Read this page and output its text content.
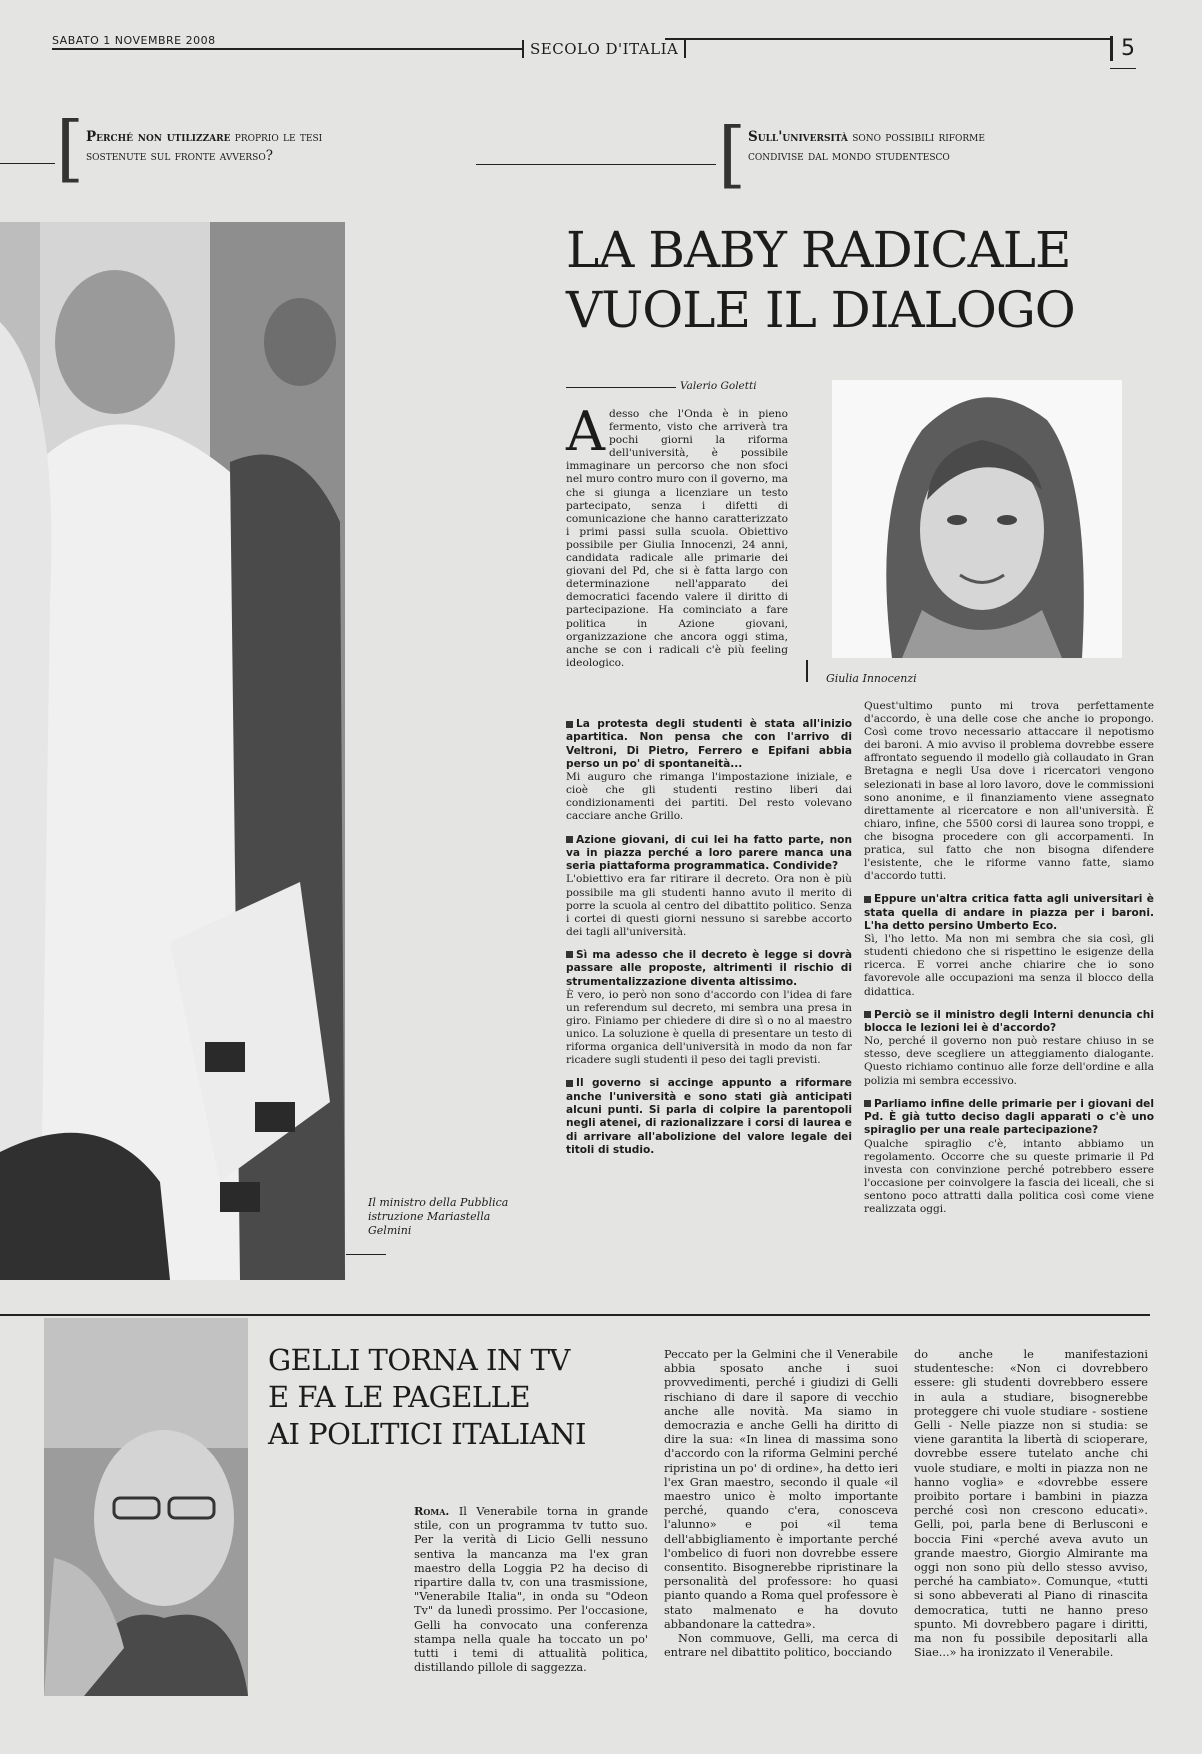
SABATO 1 NOVEMBRE 2008	SECOLO D'ITALIA	5
[ Perché non utilizzare proprio le tesi
sostenute sul fronte avverso?	[ Sull'università sono possibili riforme
condivise dal mondo studentesco
Il ministro della Pubblica istruzione Mariastella Gelmini
LA BABY RADICALE
VUOLE IL DIALOGO
Valerio Goletti
Giulia Innocenzi
Adesso che l'Onda è in pieno fermento, visto che arriverà tra pochi giorni la riforma dell'università, è possibile immaginare un percorso che non sfoci nel muro contro muro con il governo, ma che si giunga a licenziare un testo partecipato, senza i difetti di comunicazione che hanno caratterizzato i primi passi sulla scuola. Obiettivo possibile per Giulia Innocenzi, 24 anni, candidata radicale alle primarie dei giovani del Pd, che si è fatta largo con determinazione nell'apparato dei democratici facendo valere il diritto di partecipazione. Ha cominciato a fare politica in Azione giovani, organizzazione che ancora oggi stima, anche se con i radicali c'è più feeling ideologico.
La protesta degli studenti è stata all'inizio apartitica. Non pensa che con l'arrivo di Veltroni, Di Pietro, Ferrero e Epifani abbia perso un po' di spontaneità...
Mi auguro che rimanga l'impostazione iniziale, e cioè che gli studenti restino liberi dai condizionamenti dei partiti. Del resto volevano cacciare anche Grillo.
Azione giovani, di cui lei ha fatto parte, non va in piazza perché a loro parere manca una seria piattaforma programmatica. Condivide?
L'obiettivo era far ritirare il decreto. Ora non è più possibile ma gli studenti hanno avuto il merito di porre la scuola al centro del dibattito politico. Senza i cortei di questi giorni nessuno si sarebbe accorto dei tagli all'università.
Sì ma adesso che il decreto è legge si dovrà passare alle proposte, altrimenti il rischio di strumentalizzazione diventa altissimo.
È vero, io però non sono d'accordo con l'idea di fare un referendum sul decreto, mi sembra una presa in giro. Finiamo per chiedere di dire sì o no al maestro unico. La soluzione è quella di presentare un testo di riforma organica dell'università in modo da non far ricadere sugli studenti il peso dei tagli previsti.
Il governo si accinge appunto a riformare anche l'università e sono stati già anticipati alcuni punti. Si parla di colpire la parentopoli negli atenei, di razionalizzare i corsi di laurea e di arrivare all'abolizione del valore legale dei titoli di studio.
Quest'ultimo punto mi trova perfettamente d'accordo, è una delle cose che anche io propongo. Così come trovo necessario attaccare il nepotismo dei baroni. A mio avviso il problema dovrebbe essere affrontato seguendo il modello già collaudato in Gran Bretagna e negli Usa dove i ricercatori vengono selezionati in base al loro lavoro, dove le commissioni sono anonime, e il finanziamento viene assegnato direttamente al ricercatore e non all'università. È chiaro, infine, che 5500 corsi di laurea sono troppi, e che bisogna procedere con gli accorpamenti. In pratica, sul fatto che non bisogna difendere l'esistente, che le riforme vanno fatte, siamo d'accordo tutti.
Eppure un'altra critica fatta agli universitari è stata quella di andare in piazza per i baroni. L'ha detto persino Umberto Eco.
Sì, l'ho letto. Ma non mi sembra che sia così, gli studenti chiedono che si rispettino le esigenze della ricerca. E vorrei anche chiarire che io sono favorevole alle occupazioni ma senza il blocco della didattica.
Perciò se il ministro degli Interni denuncia chi blocca le lezioni lei è d'accordo?
No, perché il governo non può restare chiuso in se stesso, deve scegliere un atteggiamento dialogante. Questo richiamo continuo alle forze dell'ordine e alla polizia mi sembra eccessivo.
Parliamo infine delle primarie per i giovani del Pd. È già tutto deciso dagli apparati o c'è uno spiraglio per una reale partecipazione?
Qualche spiraglio c'è, intanto abbiamo un regolamento. Occorre che su queste primarie il Pd investa con convinzione perché potrebbero essere l'occasione per coinvolgere la fascia dei liceali, che si sentono poco attratti dalla politica così come viene realizzata oggi.
GELLI TORNA IN TV
E FA LE PAGELLE
AI POLITICI ITALIANI
Roma. Il Venerabile torna in grande stile, con un programma tv tutto suo. Per la verità di Licio Gelli nessuno sentiva la mancanza ma l'ex gran maestro della Loggia P2 ha deciso di ripartire dalla tv, con una trasmissione, "Venerabile Italia", in onda su "Odeon Tv" da lunedì prossimo. Per l'occasione, Gelli ha convocato una conferenza stampa nella quale ha toccato un po' tutti i temi di attualità politica, distillando pillole di saggezza.
Peccato per la Gelmini che il Venerabile abbia sposato anche i suoi provvedimenti, perché i giudizi di Gelli rischiano di dare il sapore di vecchio anche alle novità. Ma siamo in democrazia e anche Gelli ha diritto di dire la sua: «In linea di massima sono d'accordo con la riforma Gelmini perché ripristina un po' di ordine», ha detto ieri l'ex Gran maestro, secondo il quale «il maestro unico è molto importante perché, quando c'era, conosceva l'alunno» e poi «il tema dell'abbigliamento è importante perché l'ombelico di fuori non dovrebbe essere consentito. Bisognerebbe ripristinare la personalità del professore: ho quasi pianto quando a Roma quel professore è stato malmenato e ha dovuto abbandonare la cattedra».
Non commuove, Gelli, ma cerca di entrare nel dibattito politico, bocciando
do anche le manifestazioni studentesche: «Non ci dovrebbero essere: gli studenti dovrebbero essere in aula a studiare, bisognerebbe proteggere chi vuole studiare - sostiene Gelli - Nelle piazze non si studia: se viene garantita la libertà di scioperare, dovrebbe essere tutelato anche chi vuole studiare, e molti in piazza non ne hanno voglia» e «dovrebbe essere proibito portare i bambini in piazza perché così non crescono educati». Gelli, poi, parla bene di Berlusconi e boccia Fini «perché aveva avuto un grande maestro, Giorgio Almirante ma oggi non sono più dello stesso avviso, perché ha cambiato». Comunque, «tutti si sono abbeverati al Piano di rinascita democratica, tutti ne hanno preso spunto. Mi dovrebbero pagare i diritti, ma non fu possibile depositarli alla Siae...» ha ironizzato il Venerabile.
